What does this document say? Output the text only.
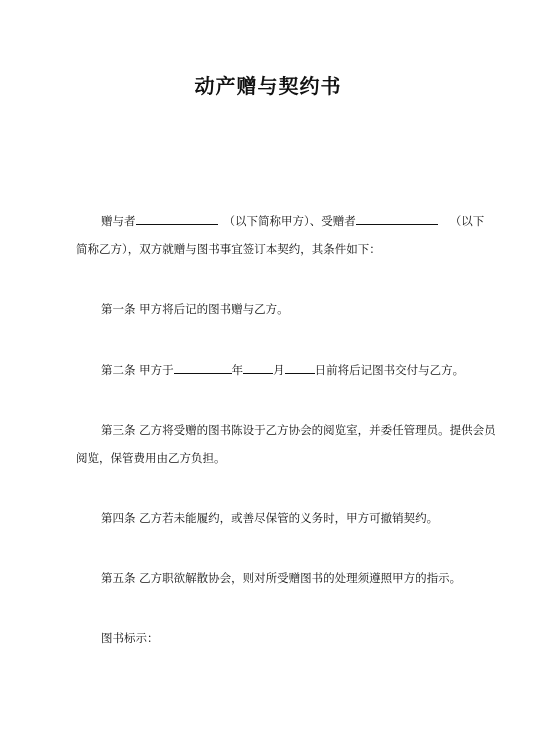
动产赠与契约书
赠与者	（以下简称甲方）、受赠者	（以下
简称乙方），双方就赠与图书事宜签订本契约，其条件如下：
第一条 甲方将后记的图书赠与乙方。
第二条 甲方于	年	月	日前将后记图书交付与乙方。
第三条 乙方将受赠的图书陈设于乙方协会的阅览室，并委任管理员。提供会员
阅览，保管费用由乙方负担。
第四条 乙方若未能履约，或善尽保管的义务时，甲方可撤销契约。
第五条 乙方职欲解散协会，则对所受赠图书的处理须遵照甲方的指示。
图书标示：
